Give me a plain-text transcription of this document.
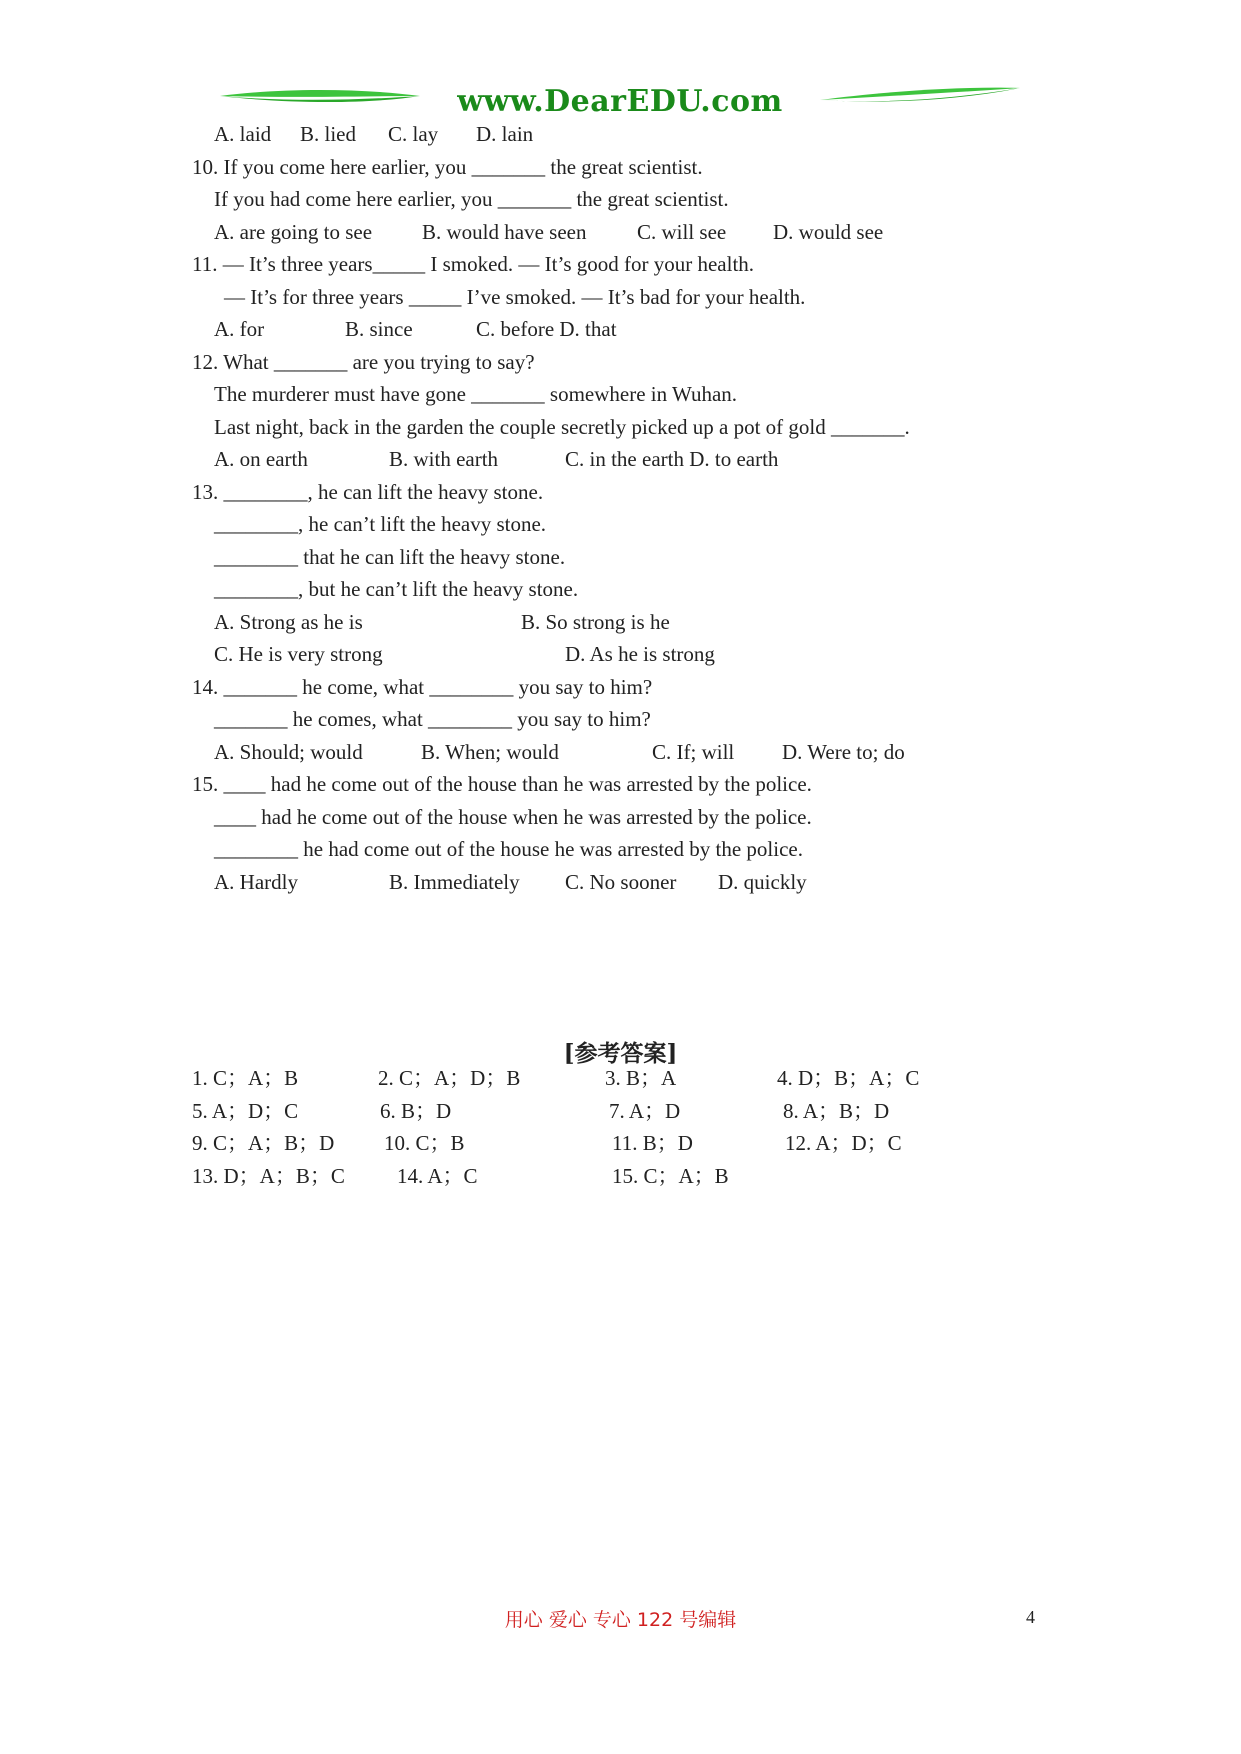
www.DearEDU.com
A. laid B. lied C. lay D. lain
10. If you come here earlier, you _______ the great scientist.
If you had come here earlier, you _______ the great scientist.
A. are going to see B. would have seen C. will see D. would see
11. — It’s three years_____ I smoked. — It’s good for your health.
— It’s for three years _____ I’ve smoked. — It’s bad for your health.
A. for	B. since	C. before D. that
12. What _______ are you trying to say?
The murderer must have gone _______ somewhere in Wuhan.
Last night, back in the garden the couple secretly picked up a pot of gold _______.
A. on earth	B. with earth	C. in the earth D. to earth
13. ________, he can lift the heavy stone.
________, he can’t lift the heavy stone.
________ that he can lift the heavy stone.
________, but he can’t lift the heavy stone.
A. Strong as he is	B. So strong is he
C. He is very strong	D. As he is strong
14. _______ he come, what ________ you say to him?
_______ he comes, what ________ you say to him?
A. Should; would	B. When; would	C. If; will D. Were to; do
15. ____ had he come out of the house than he was arrested by the police.
____ had he come out of the house when he was arrested by the police.
________ he had come out of the house he was arrested by the police.
A. Hardly	B. Immediately C. No sooner D. quickly
[参考答案]
1. C；A；B	2. C；A；D；B	3. B；A	4. D；B；A；C
5. A；D；C	6. B；D	7. A；D	8. A；B；D
9. C；A；B；D 10. C；B	11. B；D	12. A；D；C
13. D；A；B；C 14. A；C	15. C；A；B
用心 爱心 专心 122 号编辑	4
